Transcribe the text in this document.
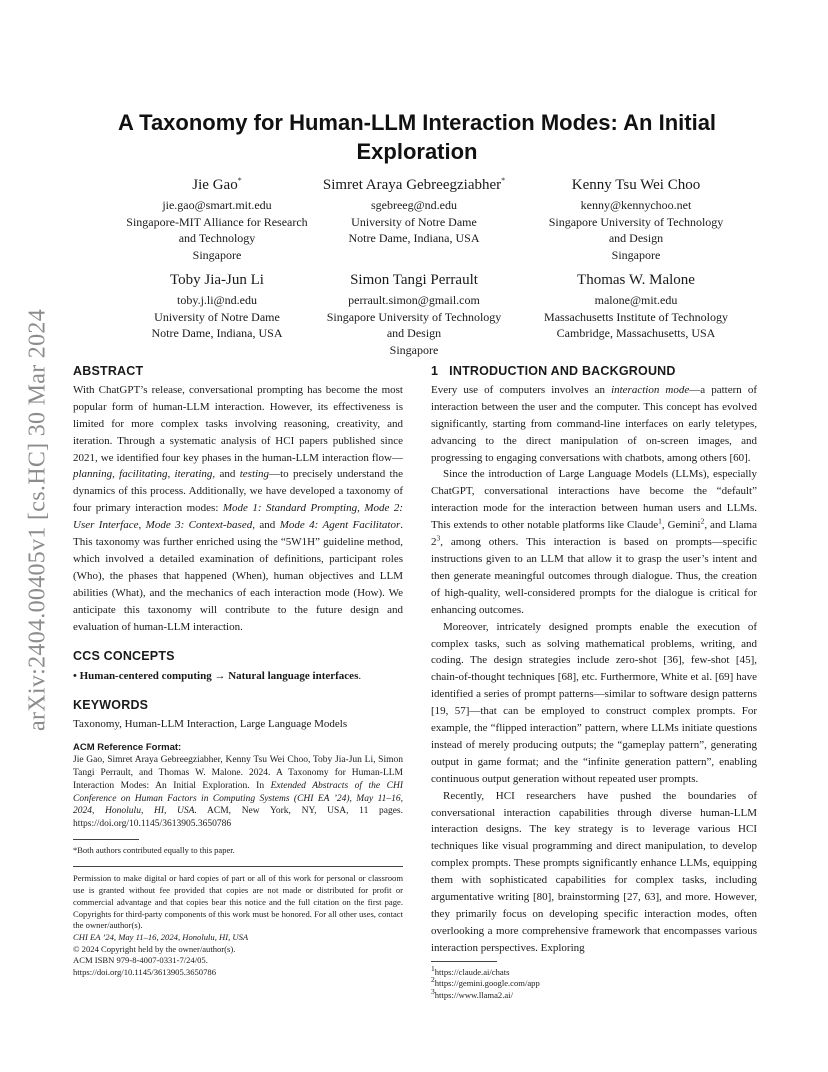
arXiv:2404.00405v1 [cs.HC] 30 Mar 2024
A Taxonomy for Human-LLM Interaction Modes: An Initial Exploration
Jie Gao*
jie.gao@smart.mit.edu
Singapore-MIT Alliance for Research
and Technology
Singapore
Simret Araya Gebreegziabher*
sgebreeg@nd.edu
University of Notre Dame
Notre Dame, Indiana, USA
Kenny Tsu Wei Choo
kenny@kennychoo.net
Singapore University of Technology
and Design
Singapore
Toby Jia-Jun Li
toby.j.li@nd.edu
University of Notre Dame
Notre Dame, Indiana, USA
Simon Tangi Perrault
perrault.simon@gmail.com
Singapore University of Technology
and Design
Singapore
Thomas W. Malone
malone@mit.edu
Massachusetts Institute of Technology
Cambridge, Massachusetts, USA
ABSTRACT

With ChatGPT’s release, conversational prompting has become the most popular form of human-LLM interaction. However, its effectiveness is limited for more complex tasks involving reasoning, creativity, and iteration. Through a systematic analysis of HCI papers published since 2021, we identified four key phases in the human-LLM interaction flow—planning, facilitating, iterating, and testing—to precisely understand the dynamics of this process. Additionally, we have developed a taxonomy of four primary interaction modes: Mode 1: Standard Prompting, Mode 2: User Interface, Mode 3: Context-based, and Mode 4: Agent Facilitator. This taxonomy was further enriched using the “5W1H” guideline method, which involved a detailed examination of definitions, participant roles (Who), the phases that happened (When), human objectives and LLM abilities (What), and the mechanics of each interaction mode (How). We anticipate this taxonomy will contribute to the future design and evaluation of human-LLM interaction.

CCS CONCEPTS

• Human-centered computing → Natural language interfaces.

KEYWORDS

Taxonomy, Human-LLM Interaction, Large Language Models

ACM Reference Format:

Jie Gao, Simret Araya Gebreegziabher, Kenny Tsu Wei Choo, Toby Jia-Jun Li, Simon Tangi Perrault, and Thomas W. Malone. 2024. A Taxonomy for Human-LLM Interaction Modes: An Initial Exploration. In Extended Abstracts of the CHI Conference on Human Factors in Computing Systems (CHI EA ’24), May 11–16, 2024, Honolulu, HI, USA. ACM, New York, NY, USA, 11 pages. https://doi.org/10.1145/3613905.3650786

*Both authors contributed equally to this paper.

Permission to make digital or hard copies of part or all of this work for personal or classroom use is granted without fee provided that copies are not made or distributed for profit or commercial advantage and that copies bear this notice and the full citation on the first page. Copyrights for third-party components of this work must be honored. For all other uses, contact the owner/author(s).

CHI EA ’24, May 11–16, 2024, Honolulu, HI, USA

© 2024 Copyright held by the owner/author(s).

ACM ISBN 979-8-4007-0331-7/24/05.

https://doi.org/10.1145/3613905.3650786

1   INTRODUCTION AND BACKGROUND

Every use of computers involves an interaction mode—a pattern of interaction between the user and the computer. This concept has evolved significantly, starting from command-line interfaces on early teletypes, advancing to the direct manipulation of on-screen images, and progressing to engaging conversations with chatbots, among others [60].

Since the introduction of Large Language Models (LLMs), especially ChatGPT, conversational interactions have become the “default” interaction mode for the interaction between human users and LLMs. This extends to other notable platforms like Claude$^1$, Gemini$^2$, and Llama $2^3$, among others. This interaction is based on prompts—specific instructions given to an LLM that allow it to grasp the user’s intent and then generate meaningful outcomes through dialogue. Thus, the creation of high-quality, well-considered prompts for the dialogue is critical for enhancing outcomes.

Moreover, intricately designed prompts enable the execution of complex tasks, such as solving mathematical problems, writing, and coding. The design strategies include zero-shot [36], few-shot [45], chain-of-thought techniques [68], etc. Furthermore, White et al. [69] have identified a series of prompt patterns—similar to software design patterns [19, 57]—that can be employed to construct complex prompts. For example, the “flipped interaction” pattern, where LLMs initiate questions instead of merely producing outputs; the “gameplay pattern”, generating output in game format; and the “infinite generation pattern”, enabling continuous output generation without repeated user prompts.

Recently, HCI researchers have pushed the boundaries of conversational interaction capabilities through diverse human-LLM interaction designs. The key strategy is to leverage various HCI techniques like visual programming and direct manipulation, to develop complex prompts. These prompts significantly enhance LLMs, equipping them with sophisticated capabilities for complex tasks, including argumentative writing [80], brainstorming [27, 63], and more. However, they primarily focus on developing specific interaction modes, often overlooking a more comprehensive framework that encompasses various interaction perspectives. Exploring

$^1$https://claude.ai/chats
$^2$https://gemini.google.com/app
$^3$https://www.llama2.ai/
